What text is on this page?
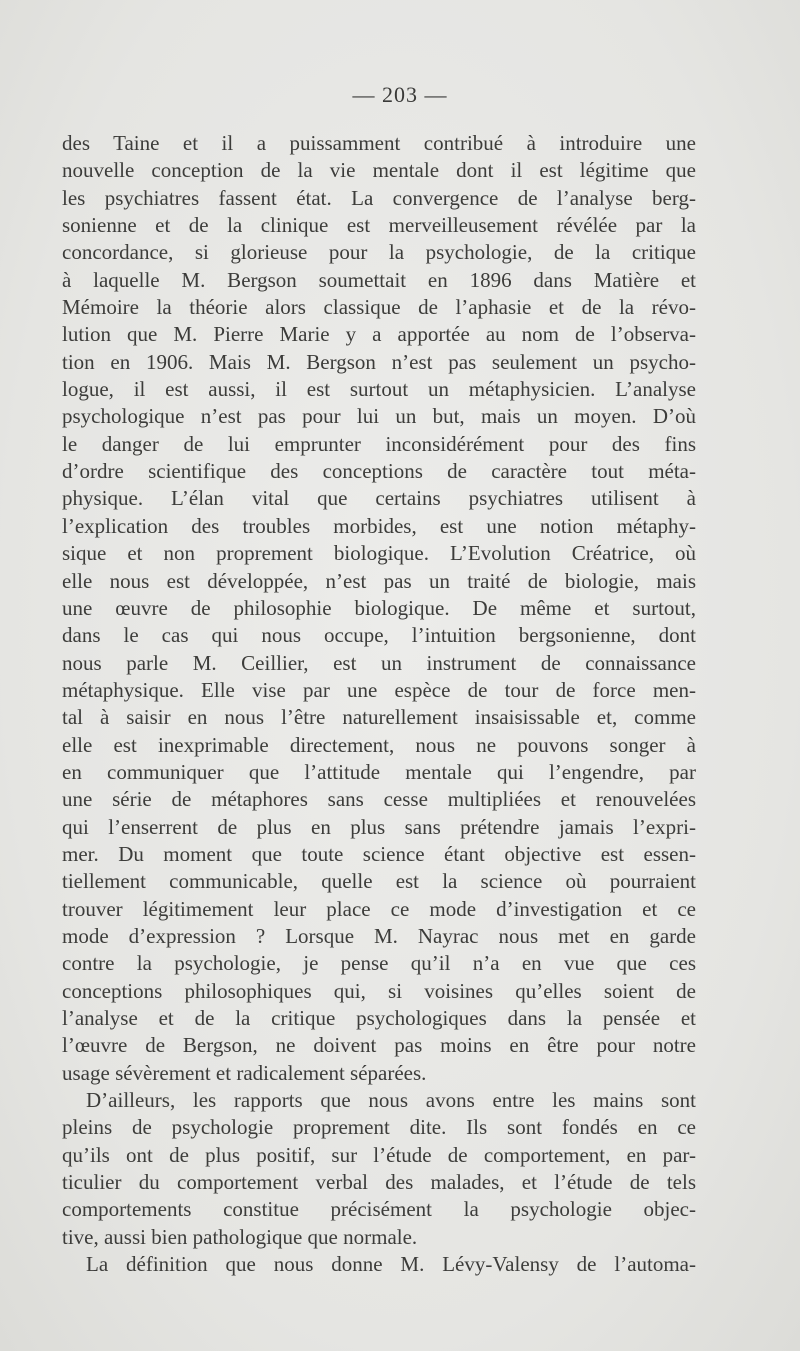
— 203 —
des Taine et il a puissamment contribué à introduire une
nouvelle conception de la vie mentale dont il est légitime que
les psychiatres fassent état. La convergence de l’analyse berg-
sonienne et de la clinique est merveilleusement révélée par la
concordance, si glorieuse pour la psychologie, de la critique
à laquelle M. Bergson soumettait en 1896 dans Matière et
Mémoire la théorie alors classique de l’aphasie et de la révo-
lution que M. Pierre Marie y a apportée au nom de l’observa-
tion en 1906. Mais M. Bergson n’est pas seulement un psycho-
logue, il est aussi, il est surtout un métaphysicien. L’analyse
psychologique n’est pas pour lui un but, mais un moyen. D’où
le danger de lui emprunter inconsidérément pour des fins
d’ordre scientifique des conceptions de caractère tout méta-
physique. L’élan vital que certains psychiatres utilisent à
l’explication des troubles morbides, est une notion métaphy-
sique et non proprement biologique. L’Evolution Créatrice, où
elle nous est développée, n’est pas un traité de biologie, mais
une œuvre de philosophie biologique. De même et surtout,
dans le cas qui nous occupe, l’intuition bergsonienne, dont
nous parle M. Ceillier, est un instrument de connaissance
métaphysique. Elle vise par une espèce de tour de force men-
tal à saisir en nous l’être naturellement insaisissable et, comme
elle est inexprimable directement, nous ne pouvons songer à
en communiquer que l’attitude mentale qui l’engendre, par
une série de métaphores sans cesse multipliées et renouvelées
qui l’enserrent de plus en plus sans prétendre jamais l’expri-
mer. Du moment que toute science étant objective est essen-
tiellement communicable, quelle est la science où pourraient
trouver légitimement leur place ce mode d’investigation et ce
mode d’expression ? Lorsque M. Nayrac nous met en garde
contre la psychologie, je pense qu’il n’a en vue que ces
conceptions philosophiques qui, si voisines qu’elles soient de
l’analyse et de la critique psychologiques dans la pensée et
l’œuvre de Bergson, ne doivent pas moins en être pour notre
usage sévèrement et radicalement séparées.
D’ailleurs, les rapports que nous avons entre les mains sont
pleins de psychologie proprement dite. Ils sont fondés en ce
qu’ils ont de plus positif, sur l’étude de comportement, en par-
ticulier du comportement verbal des malades, et l’étude de tels
comportements constitue précisément la psychologie objec-
tive, aussi bien pathologique que normale.
La définition que nous donne M. Lévy-Valensy de l’automa-
